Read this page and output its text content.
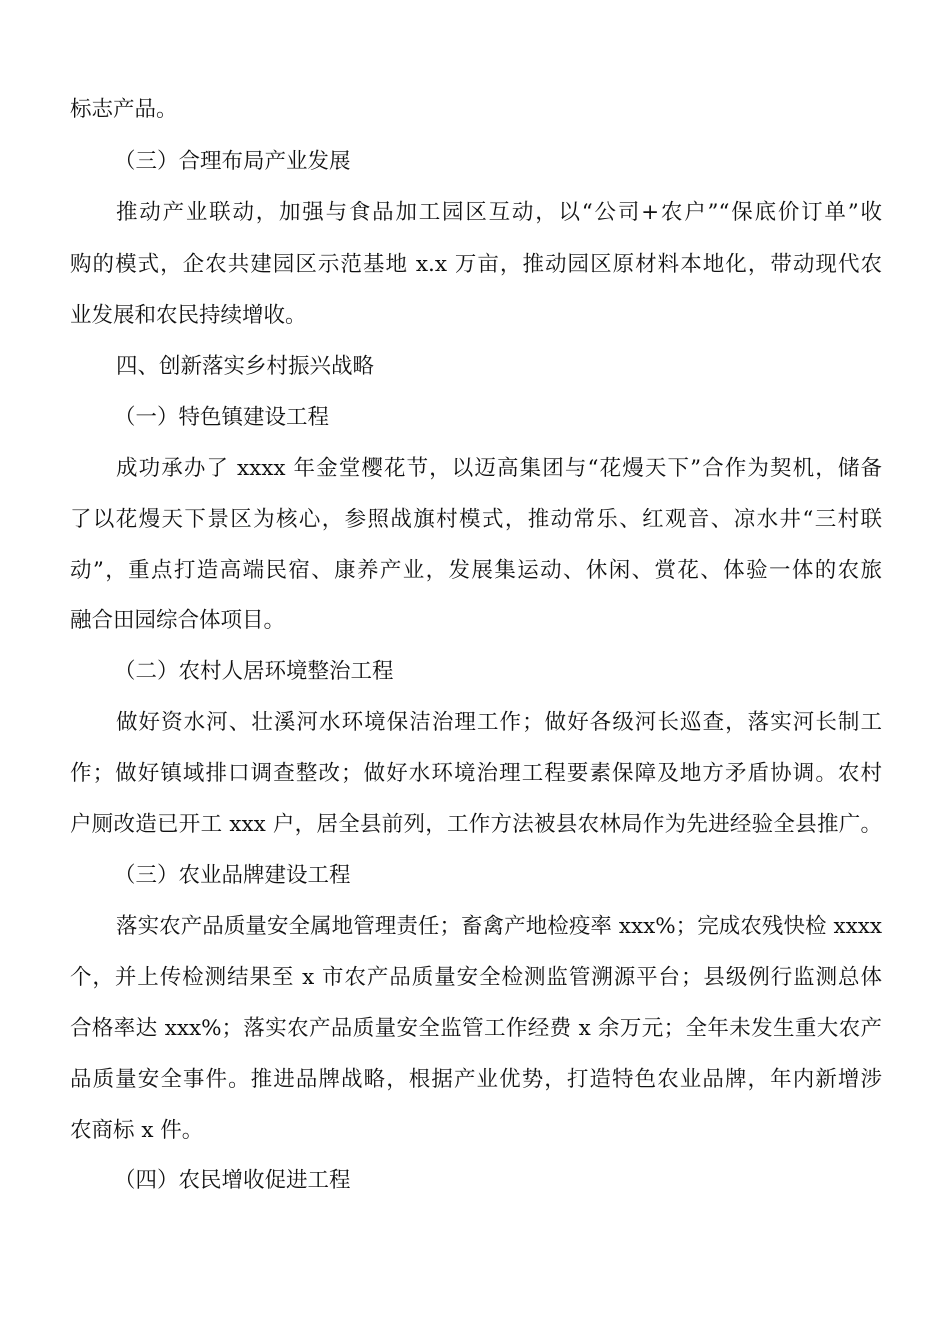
标志产品。
（三）合理布局产业发展
推动产业联动，加强与食品加工园区互动，以“公司+农户”“保底价订单”收
购的模式，企农共建园区示范基地 x.x 万亩，推动园区原材料本地化，带动现代农
业发展和农民持续增收。
四、创新落实乡村振兴战略
（一）特色镇建设工程
成功承办了 xxxx 年金堂樱花节，以迈高集团与“花熳天下”合作为契机，储备
了以花熳天下景区为核心，参照战旗村模式，推动常乐、红观音、凉水井“三村联
动”，重点打造高端民宿、康养产业，发展集运动、休闲、赏花、体验一体的农旅
融合田园综合体项目。
（二）农村人居环境整治工程
做好资水河、壮溪河水环境保洁治理工作；做好各级河长巡查，落实河长制工
作；做好镇域排口调查整改；做好水环境治理工程要素保障及地方矛盾协调。农村
户厕改造已开工 xxx 户，居全县前列，工作方法被县农林局作为先进经验全县推广。
（三）农业品牌建设工程
落实农产品质量安全属地管理责任；畜禽产地检疫率 xxx%；完成农残快检 xxxx
个，并上传检测结果至 x 市农产品质量安全检测监管溯源平台；县级例行监测总体
合格率达 xxx%；落实农产品质量安全监管工作经费 x 余万元；全年未发生重大农产
品质量安全事件。推进品牌战略，根据产业优势，打造特色农业品牌，年内新增涉
农商标 x 件。
（四）农民增收促进工程
